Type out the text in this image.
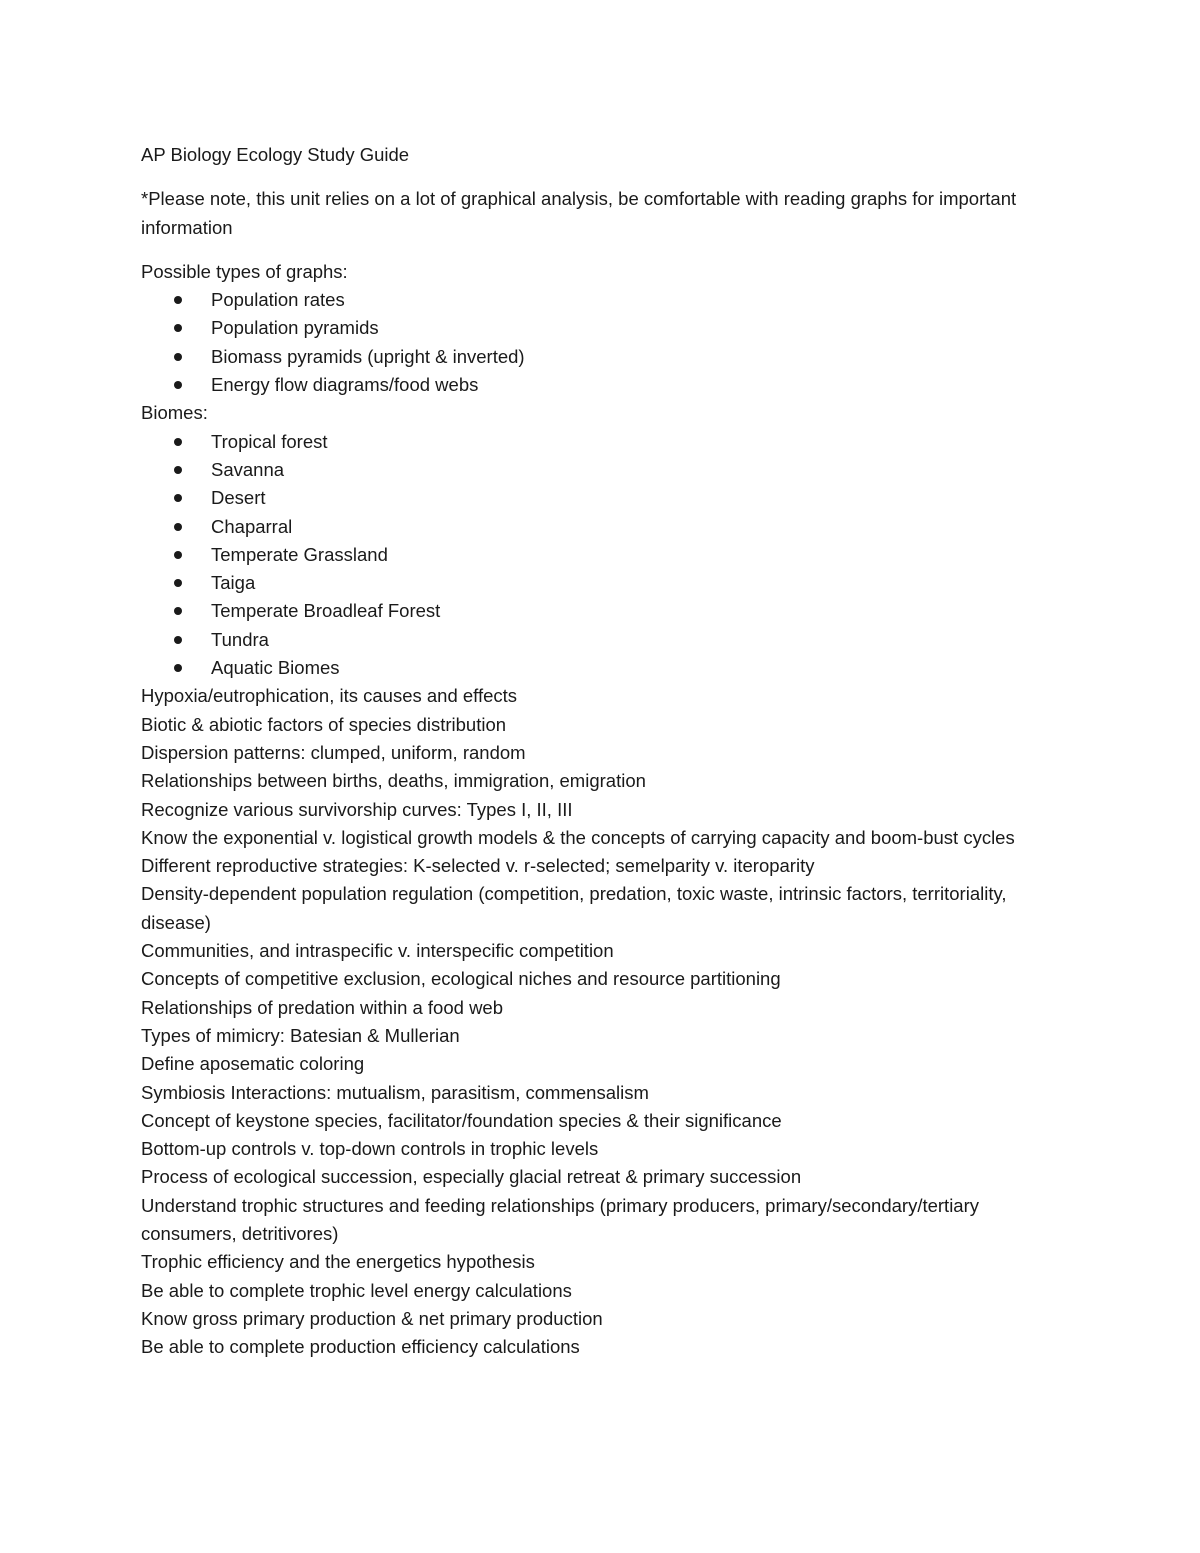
AP Biology Ecology Study Guide
*Please note, this unit relies on a lot of graphical analysis, be comfortable with reading graphs for important information
Possible types of graphs:
Population rates
Population pyramids
Biomass pyramids (upright & inverted)
Energy flow diagrams/food webs
Biomes:
Tropical forest
Savanna
Desert
Chaparral
Temperate Grassland
Taiga
Temperate Broadleaf Forest
Tundra
Aquatic Biomes
Hypoxia/eutrophication, its causes and effects
Biotic & abiotic factors of species distribution
Dispersion patterns: clumped, uniform, random
Relationships between births, deaths, immigration, emigration
Recognize various survivorship curves: Types I, II, III
Know the exponential v. logistical growth models & the concepts of carrying capacity and boom-bust cycles
Different reproductive strategies: K-selected v. r-selected; semelparity v. iteroparity
Density-dependent population regulation (competition, predation, toxic waste, intrinsic factors, territoriality, disease)
Communities, and intraspecific v. interspecific competition
Concepts of competitive exclusion, ecological niches and resource partitioning
Relationships of predation within a food web
Types of mimicry: Batesian & Mullerian
Define aposematic coloring
Symbiosis Interactions: mutualism, parasitism, commensalism
Concept of keystone species, facilitator/foundation species & their significance
Bottom-up controls v. top-down controls in trophic levels
Process of ecological succession, especially glacial retreat & primary succession
Understand trophic structures and feeding relationships (primary producers, primary/secondary/tertiary consumers, detritivores)
Trophic efficiency and the energetics hypothesis
Be able to complete trophic level energy calculations
Know gross primary production & net primary production
Be able to complete production efficiency calculations
